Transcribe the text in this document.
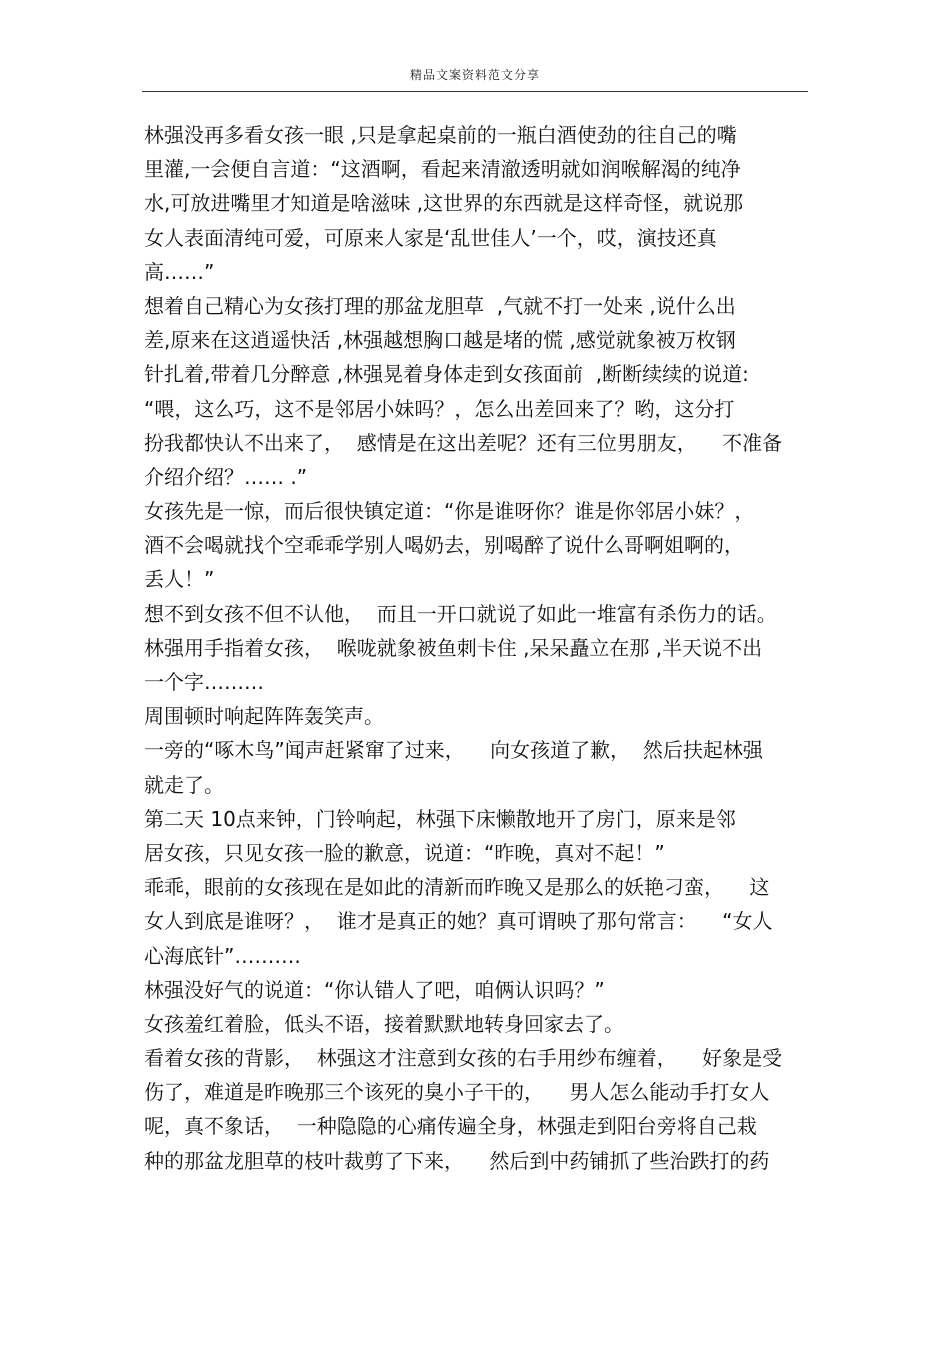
精品文案资料范文分享
林强没再多看女孩一眼 ,只是拿起桌前的一瓶白酒使劲的往自己的嘴
里灌,一会便自言道：“这酒啊，看起来清澈透明就如润喉解渴的纯净
水,可放进嘴里才知道是啥滋味 ,这世界的东西就是这样奇怪，就说那
女人表面清纯可爱，可原来人家是‘乱世佳人’一个，哎，演技还真
高……”
想着自己精心为女孩打理的那盆龙胆草  ,气就不打一处来 ,说什么出
差,原来在这逍遥快活 ,林强越想胸口越是堵的慌 ,感觉就象被万枚钢
针扎着,带着几分醉意 ,林强晃着身体走到女孩面前  ,断断续续的说道:
“喂，这么巧，这不是邻居小妹吗？，怎么出差回来了？哟，这分打
扮我都快认不出来了，  感情是在这出差呢？还有三位男朋友，    不准备
介绍介绍？…… .”
女孩先是一惊，而后很快镇定道：“你是谁呀你？谁是你邻居小妹？，
酒不会喝就找个空乖乖学别人喝奶去，别喝醉了说什么哥啊姐啊的，
丢人！”
想不到女孩不但不认他，  而且一开口就说了如此一堆富有杀伤力的话。
林强用手指着女孩，  喉咙就象被鱼刺卡住 ,呆呆矗立在那 ,半天说不出
一个字………
周围顿时响起阵阵轰笑声。
一旁的“啄木鸟”闻声赶紧窜了过来，    向女孩道了歉，  然后扶起林强
就走了。
第二天 10点来钟，门铃响起，林强下床懒散地开了房门，原来是邻
居女孩，只见女孩一脸的歉意，说道：“昨晚，真对不起！”
乖乖，眼前的女孩现在是如此的清新而昨晚又是那么的妖艳刁蛮，    这
女人到底是谁呀？，  谁才是真正的她？真可谓映了那句常言：    “女人
心海底针”……….
林强没好气的说道：“你认错人了吧，咱俩认识吗？”
女孩羞红着脸，低头不语，接着默默地转身回家去了。
看着女孩的背影，  林强这才注意到女孩的右手用纱布缠着，    好象是受
伤了，难道是昨晚那三个该死的臭小子干的，    男人怎么能动手打女人
呢，真不象话，  一种隐隐的心痛传遍全身，林强走到阳台旁将自己栽
种的那盆龙胆草的枝叶裁剪了下来，    然后到中药铺抓了些治跌打的药
